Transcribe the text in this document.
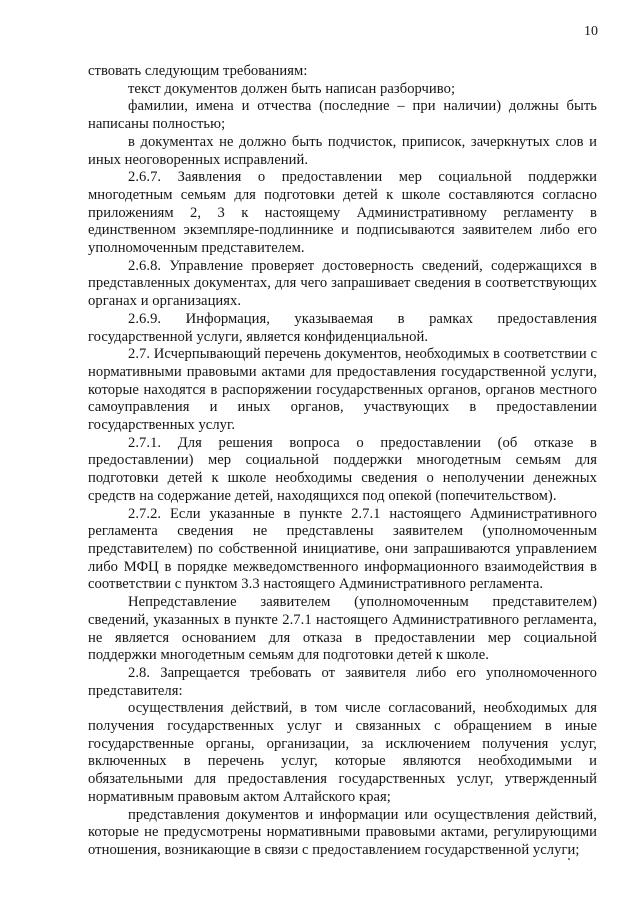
10

ствовать следующим требованиям:

текст документов должен быть написан разборчиво;

фамилии, имена и отчества (последние – при наличии) должны быть написаны полностью;

в документах не должно быть подчисток, приписок, зачеркнутых слов и иных неоговоренных исправлений.

2.6.7. Заявления о предоставлении мер социальной поддержки многодетным семьям для подготовки детей к школе составляются согласно приложениям 2, 3 к настоящему Административному регламенту в единственном экземпляре-подлиннике и подписываются заявителем либо его уполномоченным представителем.

2.6.8. Управление проверяет достоверность сведений, содержащихся в представленных документах, для чего запрашивает сведения в соответствующих органах и организациях.

2.6.9. Информация, указываемая в рамках предоставления государственной услуги, является конфиденциальной.

2.7. Исчерпывающий перечень документов, необходимых в соответствии с нормативными правовыми актами для предоставления государственной услуги, которые находятся в распоряжении государственных органов, органов местного самоуправления и иных органов, участвующих в предоставлении государственных услуг.

2.7.1. Для решения вопроса о предоставлении (об отказе в предоставлении) мер социальной поддержки многодетным семьям для подготовки детей к школе необходимы сведения о неполучении денежных средств на содержание детей, находящихся под опекой (попечительством).

2.7.2. Если указанные в пункте 2.7.1 настоящего Административного регламента сведения не представлены заявителем (уполномоченным представителем) по собственной инициативе, они запрашиваются управлением либо МФЦ в порядке межведомственного информационного взаимодействия в соответствии с пунктом 3.3 настоящего Административного регламента.

Непредставление заявителем (уполномоченным представителем) сведений, указанных в пункте 2.7.1 настоящего Административного регламента, не является основанием для отказа в предоставлении мер социальной поддержки многодетным семьям для подготовки детей к школе.

2.8. Запрещается требовать от заявителя либо его уполномоченного представителя:

осуществления действий, в том числе согласований, необходимых для получения государственных услуг и связанных с обращением в иные государственные органы, организации, за исключением получения услуг, включенных в перечень услуг, которые являются необходимыми и обязательными для предоставления государственных услуг, утвержденный нормативным правовым актом Алтайского края;

представления документов и информации или осуществления действий, которые не предусмотрены нормативными правовыми актами, регулирующими отношения, возникающие в связи с предоставлением государственной услуги;
